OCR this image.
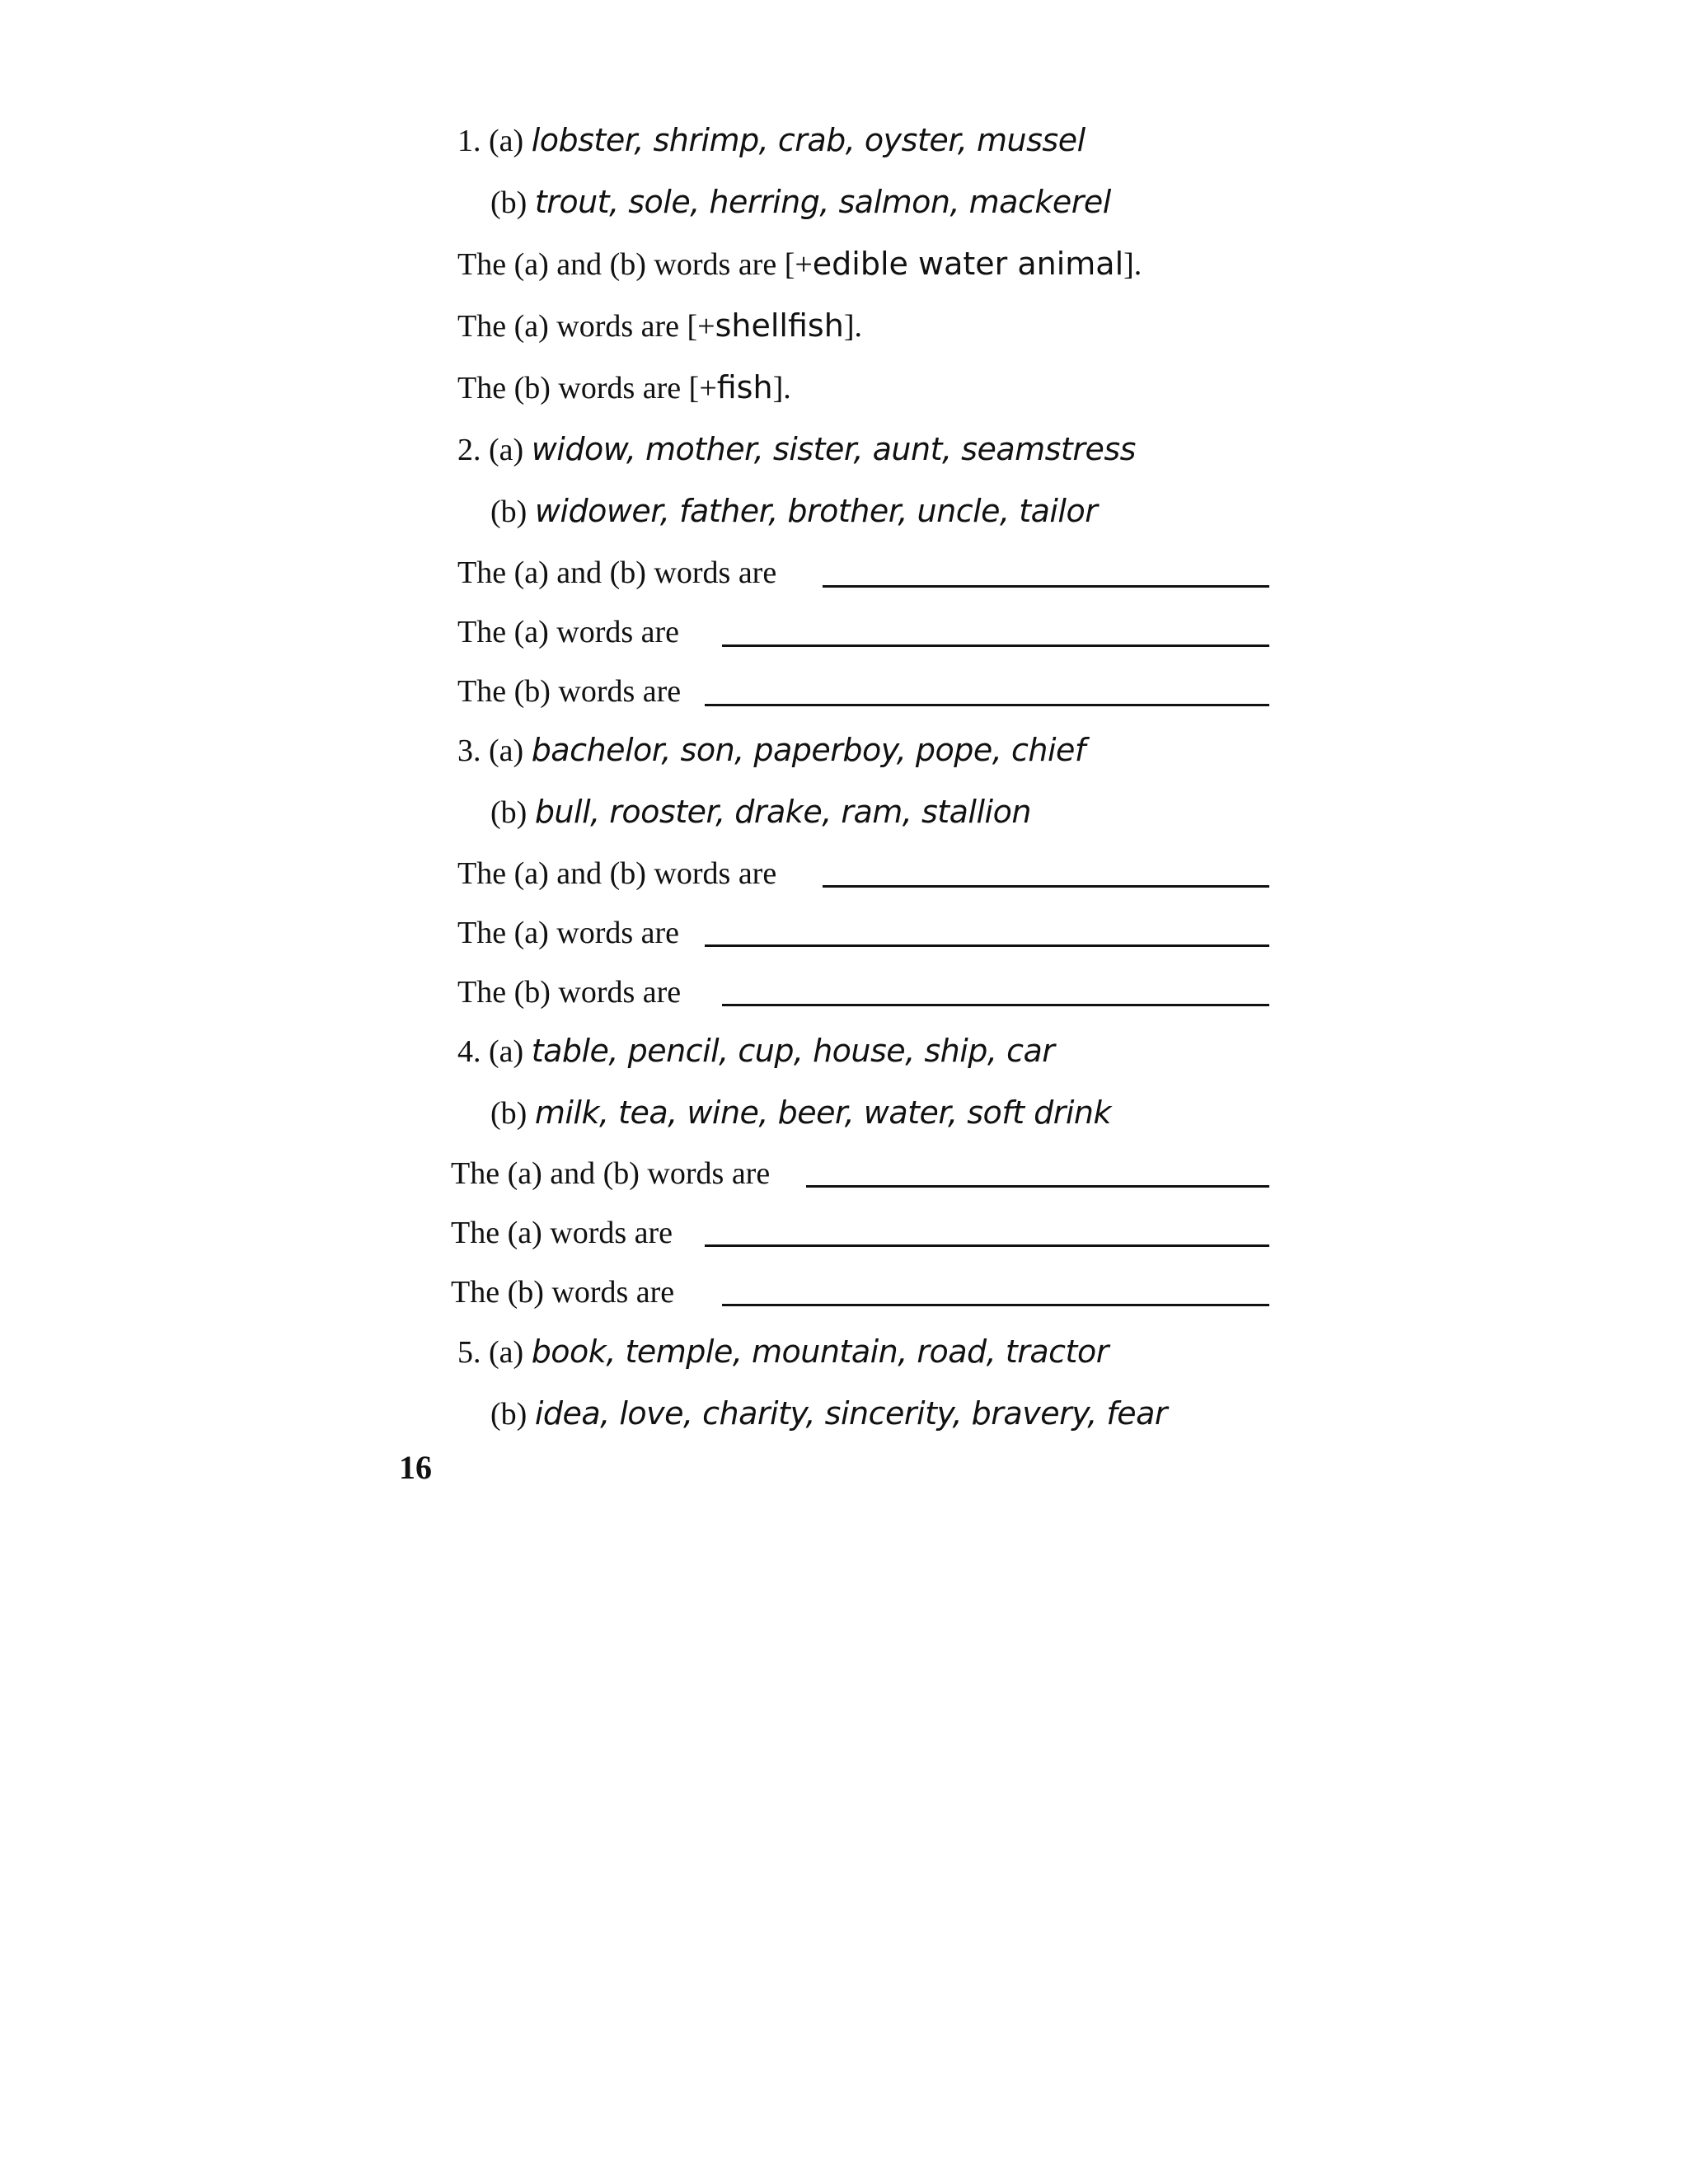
1. (a) lobster, shrimp, crab, oyster, mussel
(b) trout, sole, herring, salmon, mackerel
The (a) and (b) words are [+edible water animal].
The (a) words are [+shellfish].
The (b) words are [+fish].
2. (a) widow, mother, sister, aunt, seamstress
(b) widower, father, brother, uncle, tailor
The (a) and (b) words are
The (a) words are
The (b) words are
3. (a) bachelor, son, paperboy, pope, chief
(b) bull, rooster, drake, ram, stallion
The (a) and (b) words are
The (a) words are
The (b) words are
4. (a) table, pencil, cup, house, ship, car
(b) milk, tea, wine, beer, water, soft drink
The (a) and (b) words are
The (a) words are
The (b) words are
5. (a) book, temple, mountain, road, tractor
(b) idea, love, charity, sincerity, bravery, fear
16
